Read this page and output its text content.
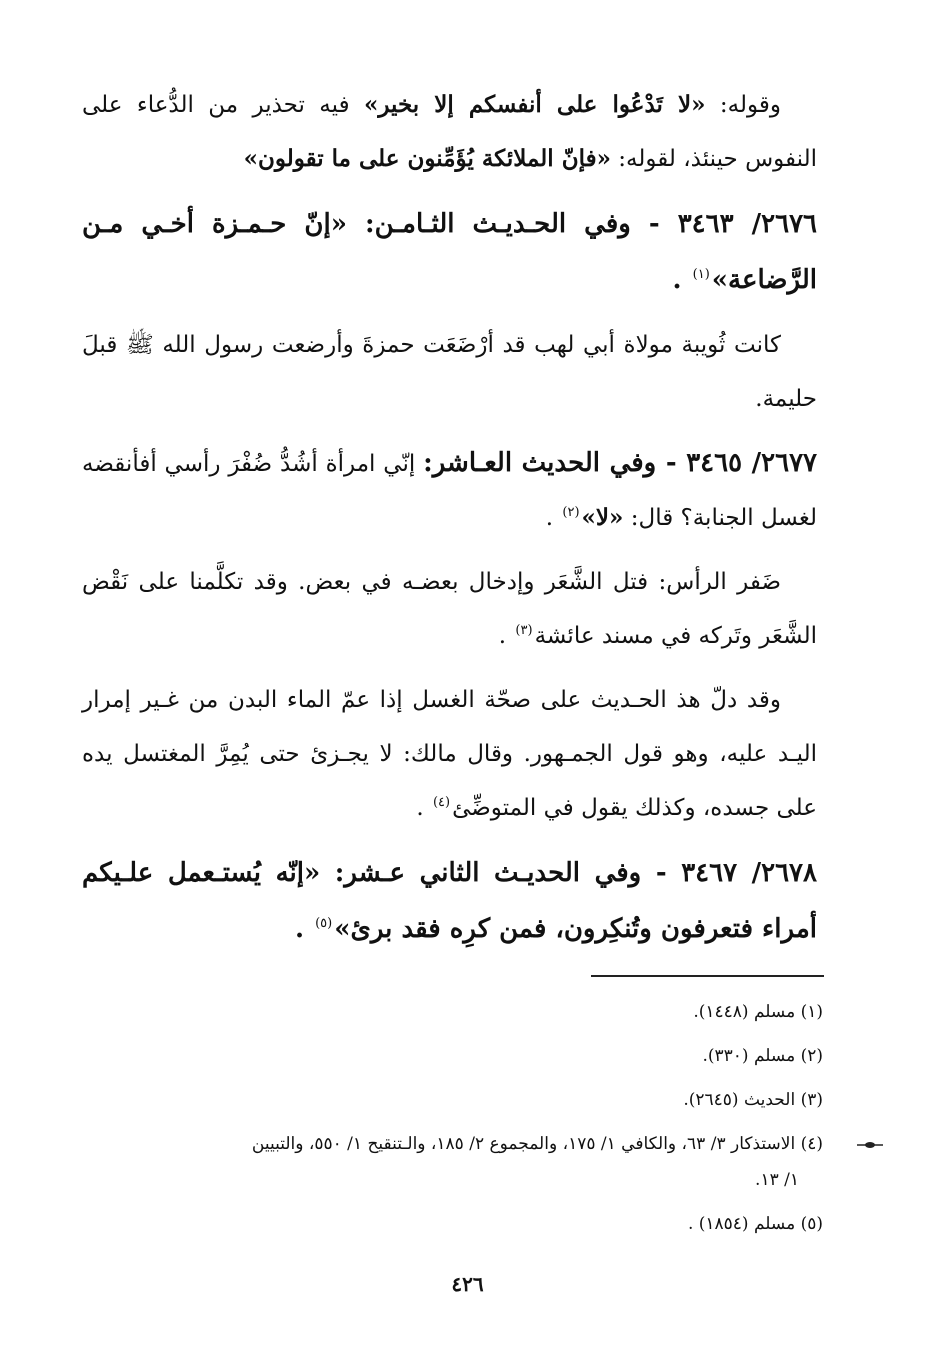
وقوله: «لا تَدْعُوا على أنفسكم إلا بخير» فيه تحذير من الدُّعاء على النفوس حينئذ، لقوله: «فإنّ الملائكة يُؤَمِّنون على ما تقولون»

٢٦٧٦/ ٣٤٦٣ - وفي الحـديـث الثـامـن: «إنّ حـمـزة أخـي مـن الرَّضاعة»$^{(١)}$ .

كانت ثُويبة مولاة أبي لهب قد أرْضَعَت حمزةَ وأرضعت رسول الله ﷺ قبلَ حليمة.

٢٦٧٧/ ٣٤٦٥ - وفي الحديث العـاشر: إنّي امرأة أشُدُّ ضُفْرَ رأسي أفأنقضه لغسل الجنابة؟ قال: «لا»$^{(٢)}$ .

ضَفر الرأس: فتل الشَّعَر وإدخال بعضـه في بعض. وقد تكلَّمنا على نَقْض الشَّعَر وتَركه في مسند عائشة$^{(٣)}$ .

وقد دلّ هذ الحـديث على صحّة الغسل إذا عمّ الماء البدن من غـير إمرار اليـد عليه، وهو قول الجمـهور. وقال مالك: لا يجـزئ حتى يُمِرَّ المغتسل يده على جسده، وكذلك يقول في المتوضِّئ$^{(٤)}$ .

٢٦٧٨/ ٣٤٦٧ - وفي الحديـث الثاني عـشر: «إنّه يُستـعمل علـيكم أمراء فتعرفون وتُنكِرون، فمن كرِه فقد برئ»$^{(٥)}$ .

(١) مسلم (١٤٤٨).
(٢) مسلم (٣٣٠).
(٣) الحديث (٢٦٤٥).
(٤) الاستذكار ٣/ ٦٣، والكافي ١/ ١٧٥، والمجموع ٢/ ١٨٥، والـتنقيح ١/ ٥٥٠، والتبيين
١/ ١٣.
(٥) مسلم (١٨٥٤) .
٤٢٦
